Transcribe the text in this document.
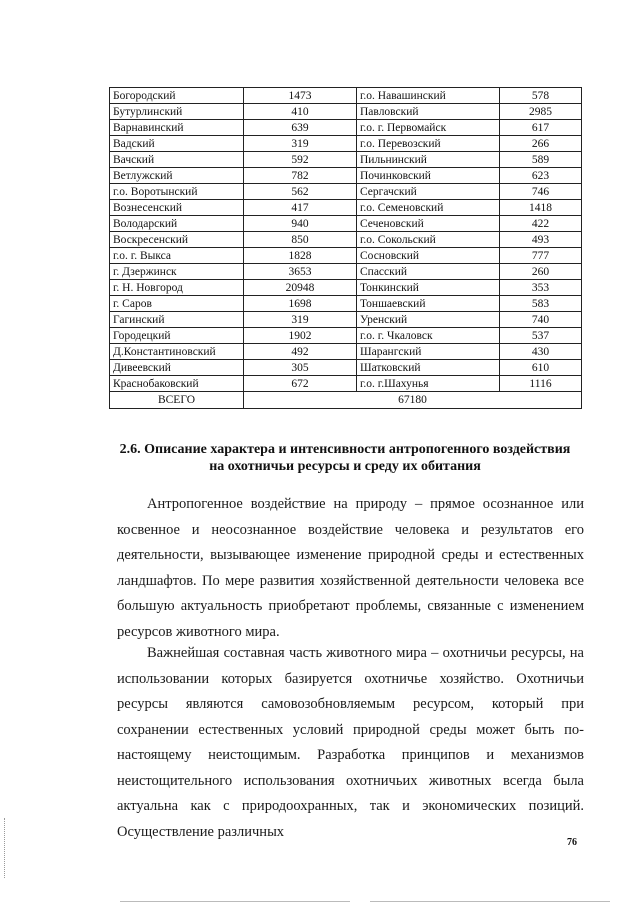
Богородский	1473	г.о. Навашинский	578
Бутурлинский	410	Павловский	2985
Варнавинский	639	г.о. г. Первомайск	617
Вадский	319	г.о. Перевозский	266
Вачский	592	Пильнинский	589
Ветлужский	782	Починковский	623
г.о. Воротынский	562	Сергачский	746
Вознесенский	417	г.о. Семеновский	1418
Володарский	940	Сеченовский	422
Воскресенский	850	г.о. Сокольский	493
г.о. г. Выкса	1828	Сосновский	777
г. Дзержинск	3653	Спасский	260
г. Н. Новгород	20948	Тонкинский	353
г. Саров	1698	Тоншаевский	583
Гагинский	319	Уренский	740
Городецкий	1902	г.о. г. Чкаловск	537
Д.Константиновский	492	Шарангский	430
Дивеевский	305	Шатковский	610
Краснобаковский	672	г.о. г.Шахунья	1116
ВСЕГО	67180		
2.6. Описание характера и интенсивности антропогенного воздействия
на охотничьи ресурсы и среду их обитания

Антропогенное воздействие на природу – прямое осознанное или косвенное и неосознанное воздействие человека и результатов его деятельности, вызывающее изменение природной среды и естественных ландшафтов. По мере развития хозяйственной деятельности человека все большую актуальность приобретают проблемы, связанные с изменением ресурсов животного мира.

Важнейшая составная часть животного мира – охотничьи ресурсы, на использовании которых базируется охотничье хозяйство. Охотничьи ресурсы являются самовозобновляемым ресурсом, который при сохранении естественных условий природной среды может быть по-настоящему неистощимым. Разработка принципов и механизмов неистощительного использования охотничьих животных всегда была актуальна как с природоохранных, так и экономических позиций. Осуществление различных

76
